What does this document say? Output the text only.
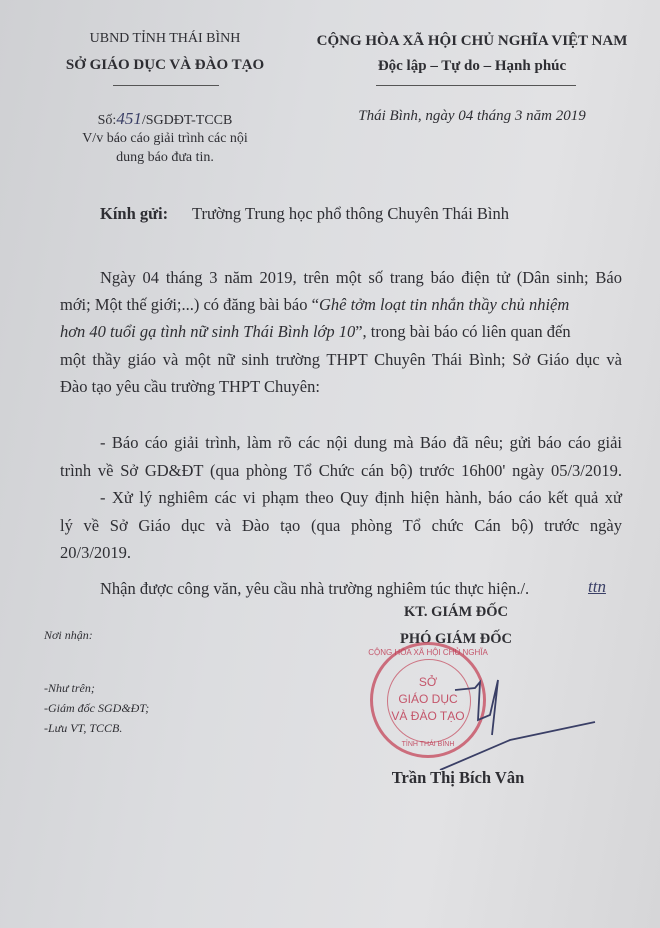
UBND TỈNH THÁI BÌNH
SỞ GIÁO DỤC VÀ ĐÀO TẠO
Số:451/SGDĐT-TCCB
V/v báo cáo giải trình các nội
dung báo đưa tin.
CỘNG HÒA XÃ HỘI CHỦ NGHĨA VIỆT NAM
Độc lập – Tự do – Hạnh phúc
Thái Bình, ngày 04 tháng 3 năm 2019
Kính gửi: Trường Trung học phổ thông Chuyên Thái Bình
Ngày 04 tháng 3 năm 2019, trên một số trang báo điện tử (Dân sinh; Báo
mới; Một thế giới;...) có đăng bài báo “Ghê tởm loạt tin nhắn thầy chủ nhiệm
hơn 40 tuổi gạ tình nữ sinh Thái Bình lớp 10”, trong bài báo có liên quan đến
một thầy giáo và một nữ sinh trường THPT Chuyên Thái Bình; Sở Giáo dục và
Đào tạo yêu cầu trường THPT Chuyên:
- Báo cáo giải trình, làm rõ các nội dung mà Báo đã nêu; gửi báo cáo giải
trình về Sở GD&ĐT (qua phòng Tổ Chức cán bộ) trước 16h00' ngày 05/3/2019.
- Xử lý nghiêm các vi phạm theo Quy định hiện hành, báo cáo kết quả xử
lý về Sở Giáo dục và Đào tạo (qua phòng Tổ chức Cán bộ) trước ngày
20/3/2019.
Nhận được công văn, yêu cầu nhà trường nghiêm túc thực hiện./.	ttn
KT. GIÁM ĐỐC
PHÓ GIÁM ĐỐC
CỘNG HÒA XÃ HỘI CHỦ NGHĨA
SỞ
GIÁO DỤC
VÀ ĐÀO TẠO
TỈNH THÁI BÌNH
Trần Thị Bích Vân
Nơi nhận:
-Như trên;
-Giám đốc SGD&ĐT;
-Lưu VT, TCCB.
